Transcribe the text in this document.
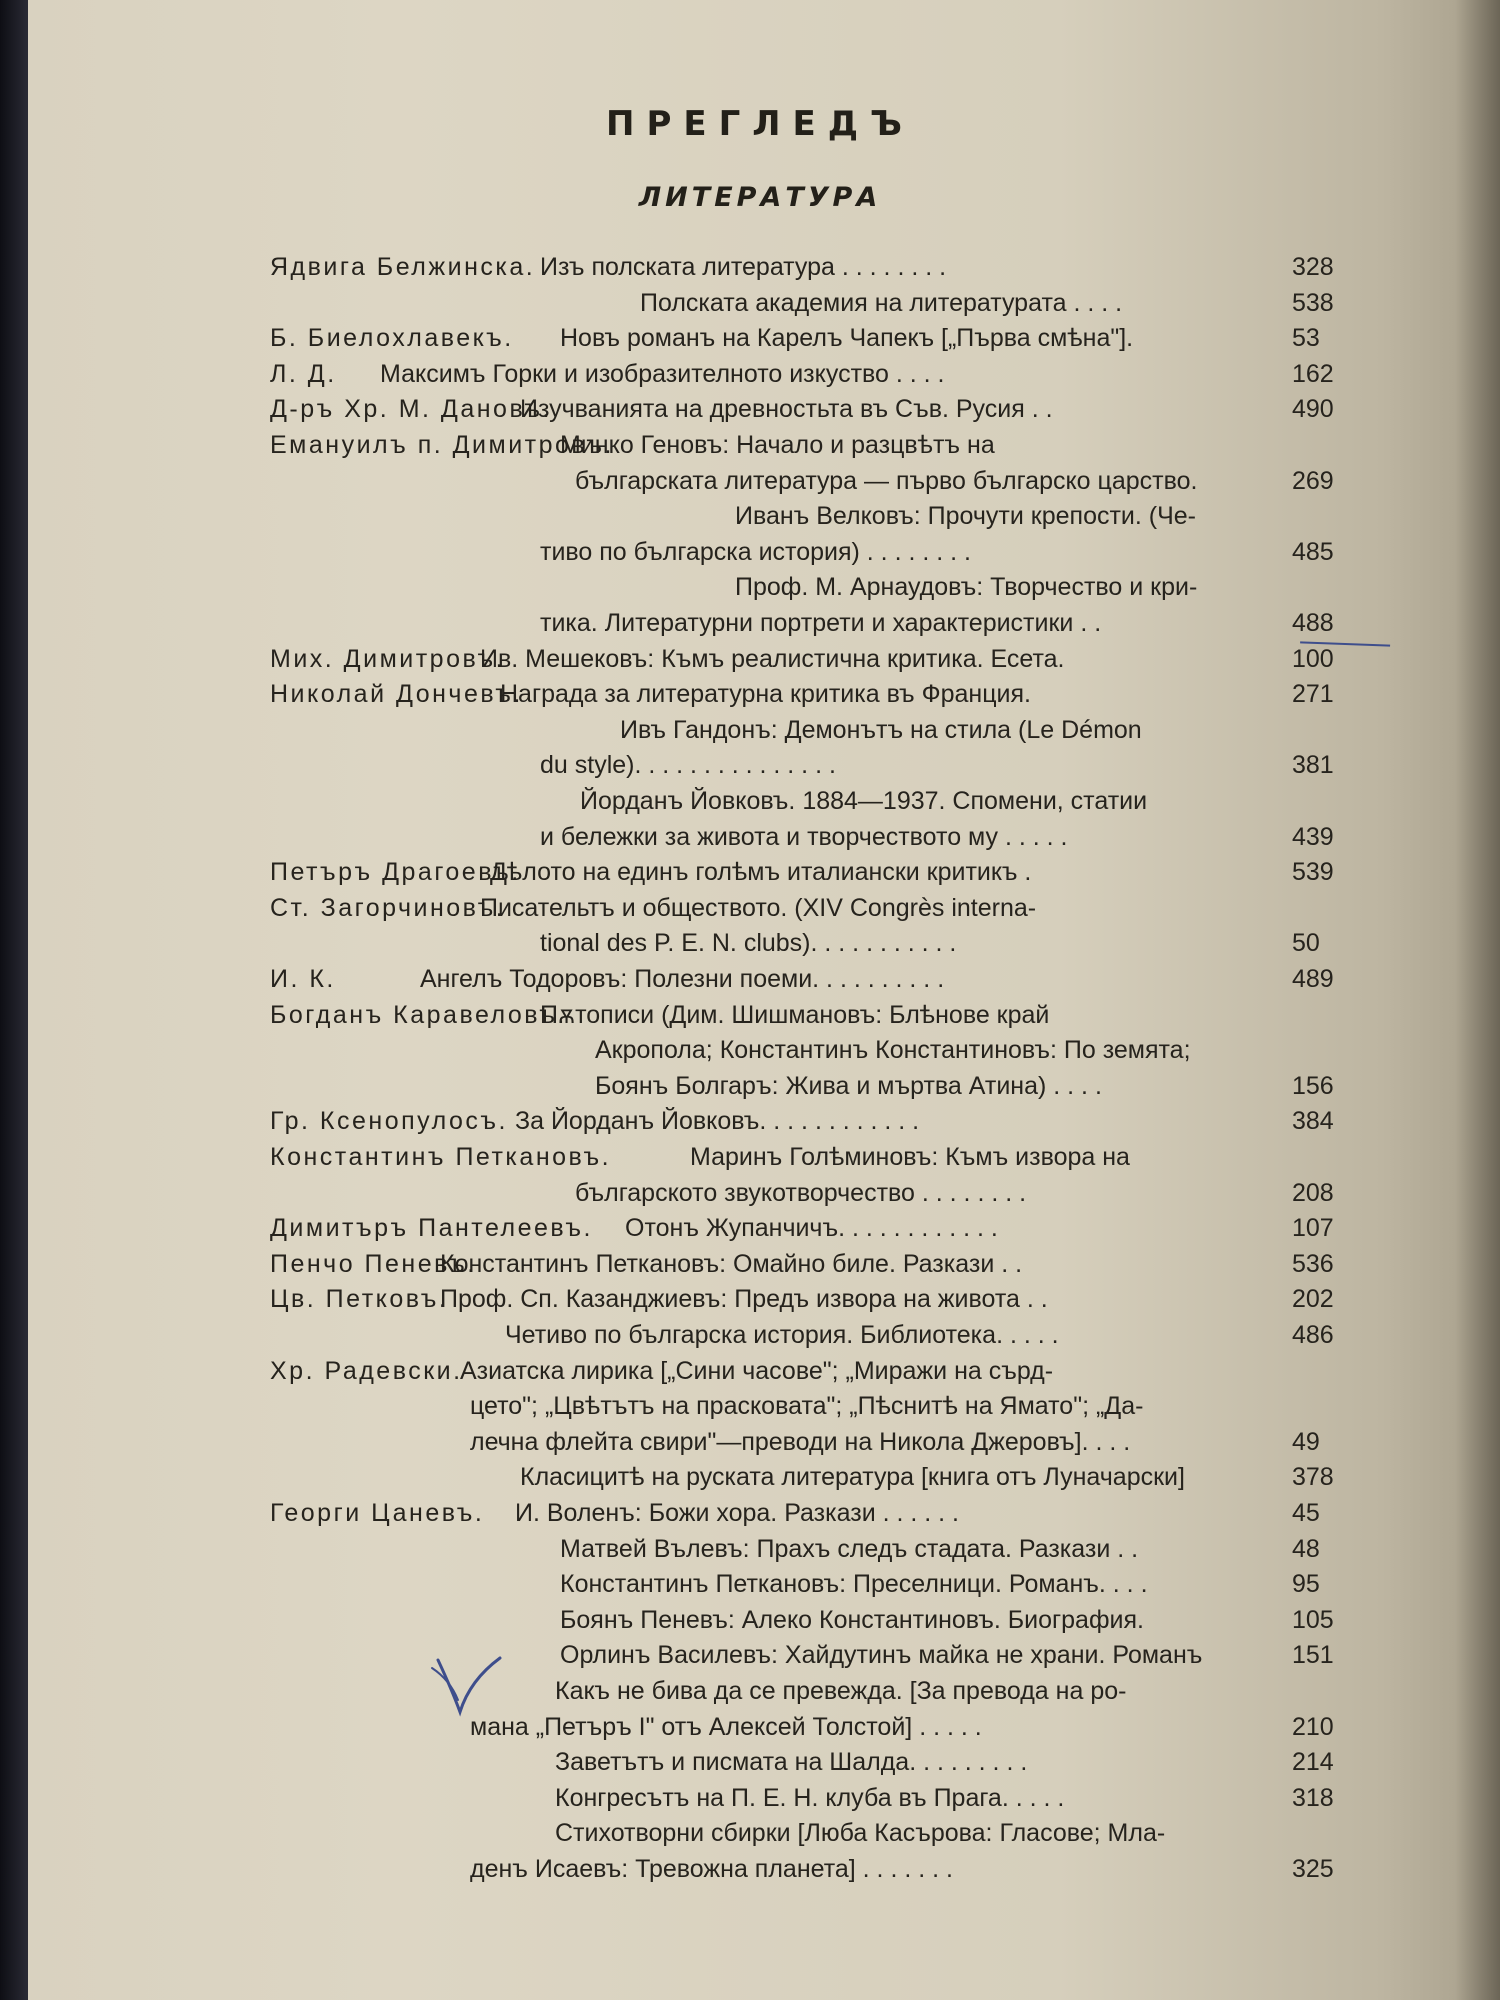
ПРЕГЛЕДЪ
ЛИТЕРАТУРА
Ядвига Белжинска. Изъ полската литература . . . . . . . .	328
Полската академия на литературата . . . .	538
Б. Биелохлавекъ. Новъ романъ на Карелъ Чапекъ [„Първа смѣна"].	53
Л. Д. Максимъ Горки и изобразителното изкуство . . . .	162
Д-ръ Хр. М. Дановъ.
Изучванията на древностьта въ Съв. Русия . .	490
Емануилъ п. Димитровъ.
Минко Геновъ: Начало и разцвѣтъ на
българската литература — първо българско царство.	269
Иванъ Велковъ: Прочути крепости. (Че-
тиво по българска история) . . . . . . . .	485
Проф. М. Арнаудовъ: Творчество и кри-
тика. Литературни портрети и характеристики . .	488
Мих. Димитровъ.
Ив. Мешековъ: Къмъ реалистична критика. Есета.	100
Николай Дончевъ.
Награда за литературна критика въ Франция.	271
Ивъ Гандонъ: Демонътъ на стила (Le Démon
du style). . . . . . . . . . . . . . .	381
Йорданъ Йовковъ. 1884—1937. Спомени, статии
и бележки за живота и творчеството му . . . . .	439
Петъръ Драгоевъ.
Дѣлото на единъ голѣмъ италиански критикъ .	539
Ст. Загорчиновъ.
Писательтъ и обществото. (XIV Congrès interna-
tional des P. E. N. clubs). . . . . . . . . . .	50
И. К.	Ангелъ Тодоровъ: Полезни поеми. . . . . . . . . .	489
Богданъ Каравеловъ.
Пѫтописи (Дим. Шишмановъ: Блѣнове край
Акропола; Константинъ Константиновъ: По земята;
Боянъ Болгаръ: Жива и мъртва Атина) . . . .	156
Гр. Ксенопулосъ. За Йорданъ Йовковъ. . . . . . . . . . . .	384
Константинъ Петкановъ.	Маринъ Голѣминовъ: Къмъ извора на
българското звукотворчество . . . . . . . .	208
Димитъръ Пантелеевъ. Отонъ Жупанчичъ. . . . . . . . . . . .	107
Пенчо Пеневъ.
Константинъ Петкановъ: Омайно биле. Разкази . .	536
Цв. Петковъ.
Проф. Сп. Казанджиевъ: Предъ извора на живота . .	202
Четиво по българска история. Библиотека. . . . .	486
Хр. Радевски.
Азиатска лирика [„Сини часове"; „Миражи на сърд-
цето"; „Цвѣтътъ на прасковата"; „Пѣснитѣ на Ямато"; „Да-
лечна флейта свири"—преводи на Никола Джеровъ]. . . .	49
Класицитѣ на руската литература [книга отъ Луначарски]	378
Георги Цаневъ. И. Воленъ: Божи хора. Разкази . . . . . .	45
Матвей Вълевъ: Прахъ следъ стадата. Разкази . .	48
Константинъ Петкановъ: Преселници. Романъ. . . .	95
Боянъ Пеневъ: Алеко Константиновъ. Биография.	105
Орлинъ Василевъ: Хайдутинъ майка не храни. Романъ	151
Какъ не бива да се превежда. [За превода на ро-
мана „Петъръ I" отъ Алексей Толстой] . . . . .	210
Заветътъ и писмата на Шалда. . . . . . . . .	214
Конгресътъ на П. Е. Н. клуба въ Прага. . . . .	318
Стихотворни сбирки [Люба Касърова: Гласове; Мла-
денъ Исаевъ: Тревожна планета] . . . . . . .	325
